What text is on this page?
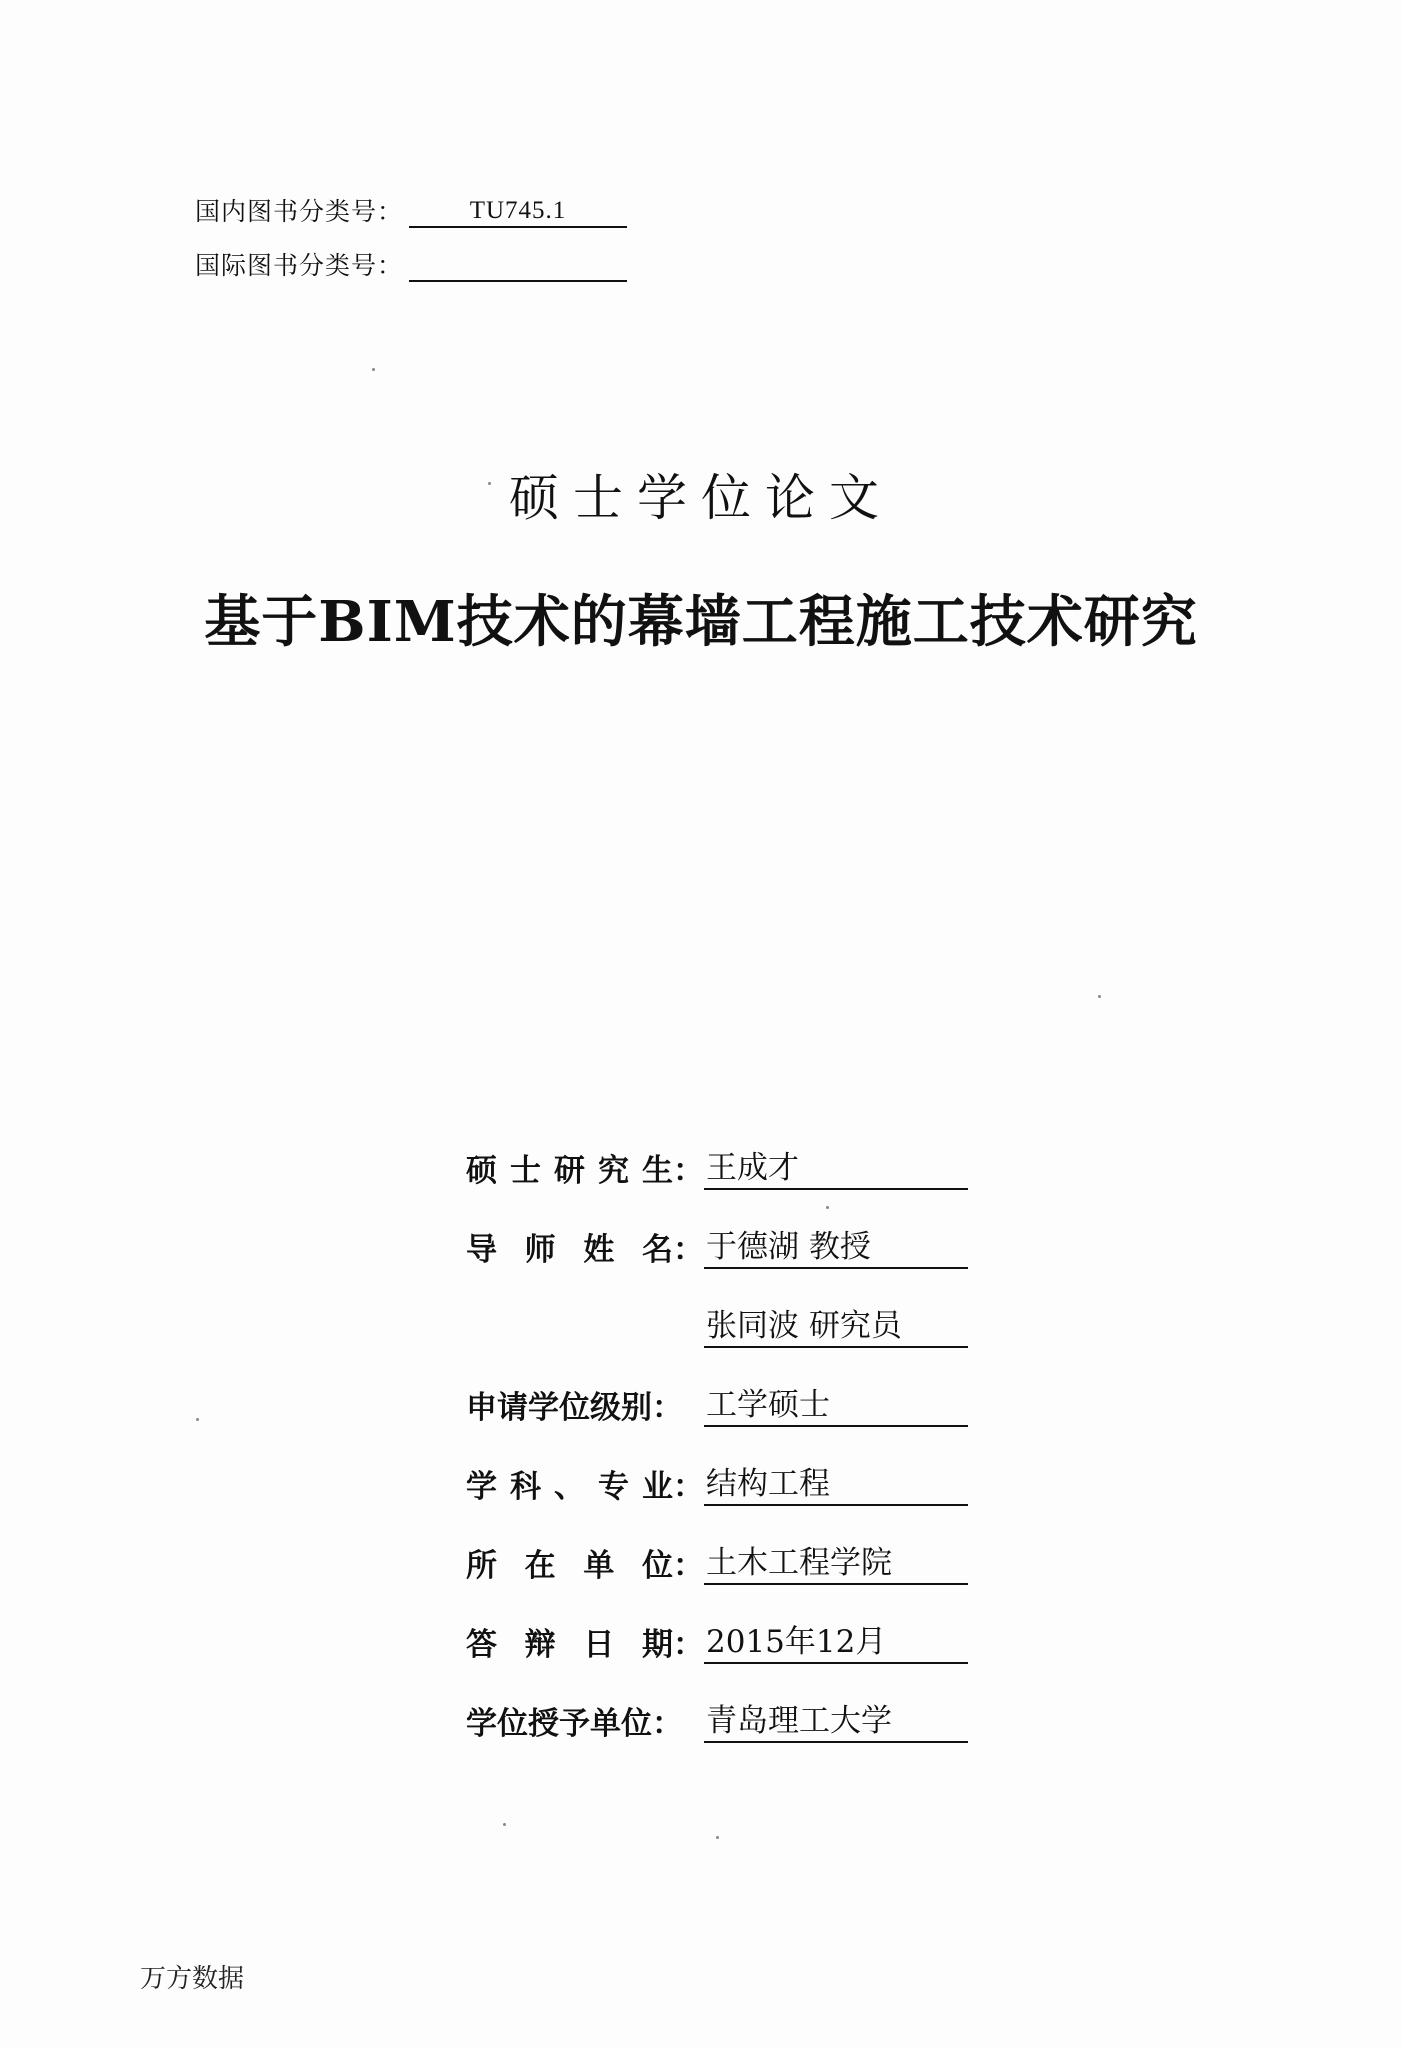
国内图书分类号：	TU745.1
国际图书分类号：
硕士学位论文
基于BIM技术的幕墙工程施工技术研究
硕 士 研 究 生： 王成才
导 师 姓 名： 于德湖 教授
张同波 研究员
申请学位级别： 工学硕士
学 科 、 专 业： 结构工程
所 在 单 位： 土木工程学院
答 辩 日 期： 2015年12月
学位授予单位： 青岛理工大学
万方数据
